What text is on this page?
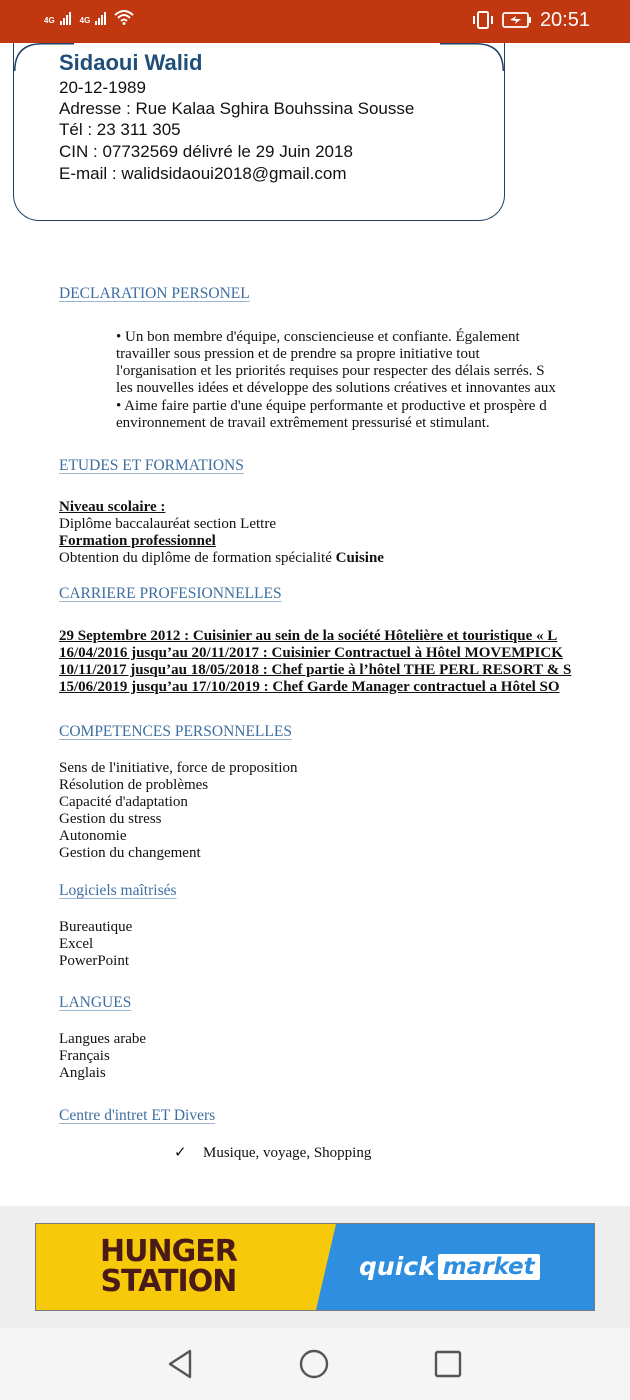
4G	4G	20:51
Sidaoui Walid
20-12-1989
Adresse : Rue Kalaa Sghira Bouhssina Sousse
Tél : 23 311 305
CIN : 07732569 délivré le 29 Juin 2018
E-mail : walidsidaoui2018@gmail.com
DECLARATION PERSONEL
• Un bon membre d'équipe, consciencieuse et confiante. Également
travailler sous pression et de prendre sa propre initiative tout
l'organisation et les priorités requises pour respecter des délais serrés. S
les nouvelles idées et développe des solutions créatives et innovantes aux
• Aime faire partie d'une équipe performante et productive et prospère d
environnement de travail extrêmement pressurisé et stimulant.
ETUDES ET FORMATIONS
Niveau scolaire :
Diplôme baccalauréat section Lettre
Formation professionnel
Obtention du diplôme de formation spécialité Cuisine
CARRIERE PROFESIONNELLES
29 Septembre 2012 : Cuisinier au sein de la société Hôtelière et touristique « L
16/04/2016 jusqu’au 20/11/2017 : Cuisinier Contractuel à Hôtel MOVEMPICK
10/11/2017 jusqu’au 18/05/2018 : Chef partie à l’hôtel THE PERL RESORT & S
15/06/2019 jusqu’au 17/10/2019 : Chef Garde Manager contractuel a Hôtel SO
COMPETENCES PERSONNELLES
Sens de l'initiative, force de proposition
Résolution de problèmes
Capacité d'adaptation
Gestion du stress
Autonomie
Gestion du changement
Logiciels maîtrisés
Bureautique
Excel
PowerPoint
LANGUES
Langues arabe
Français
Anglais
Centre d'intret ET Divers
✓ Musique, voyage, Shopping
HUNGER
STATION	quick market
